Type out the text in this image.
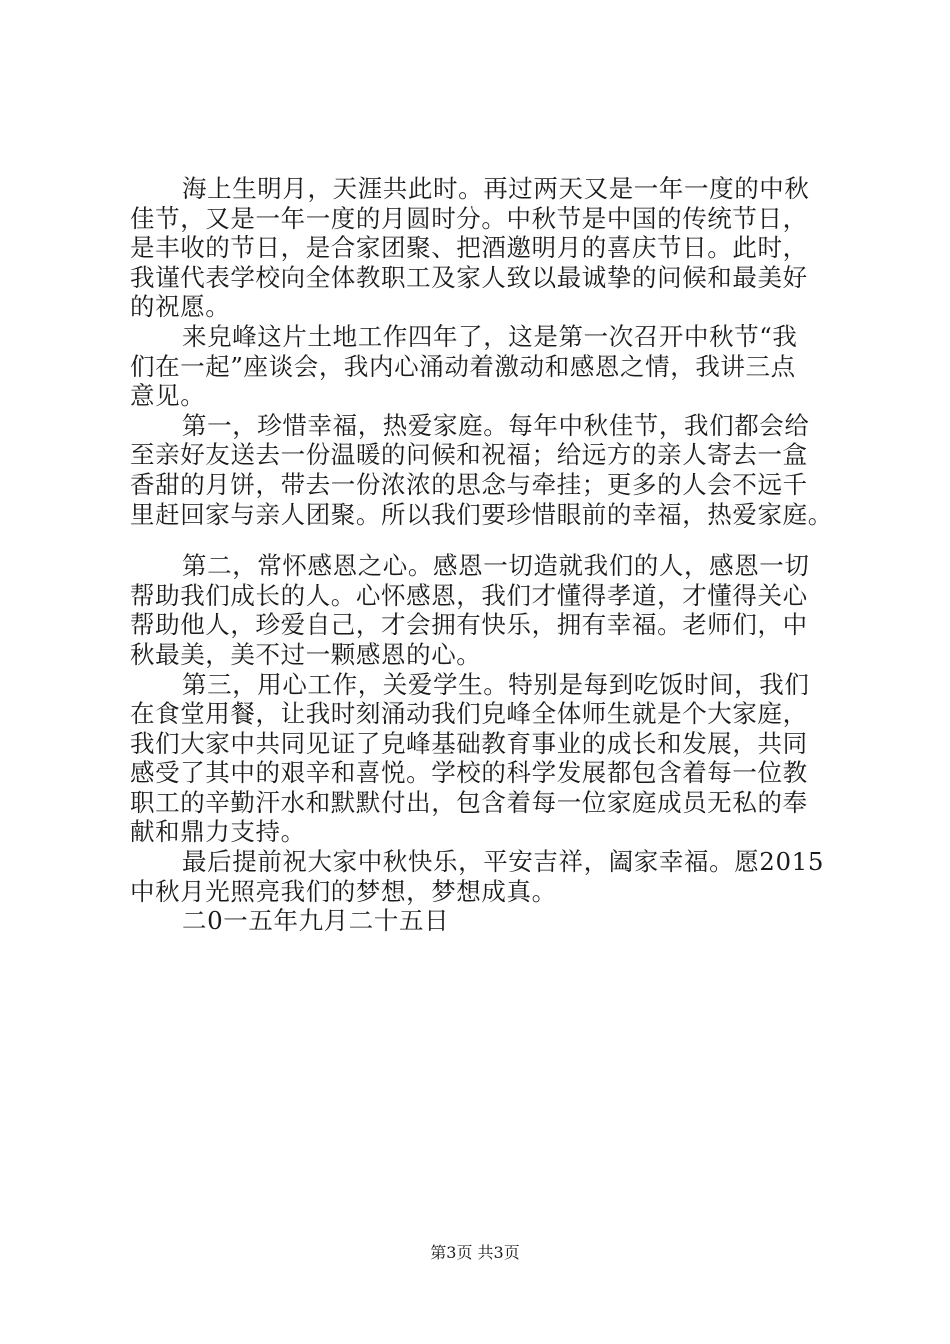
海上生明月，天涯共此时。再过两天又是一年一度的中秋
佳节，又是一年一度的月圆时分。中秋节是中国的传统节日，
是丰收的节日，是合家团聚、把酒邀明月的喜庆节日。此时，
我谨代表学校向全体教职工及家人致以最诚挚的问候和最美好
的祝愿。
来皃峰这片土地工作四年了，这是第一次召开中秋节“我
们在一起”座谈会，我内心涌动着激动和感恩之情，我讲三点
意见。
第一，珍惜幸福，热爱家庭。每年中秋佳节，我们都会给
至亲好友送去一份温暖的问候和祝福；给远方的亲人寄去一盒
香甜的月饼，带去一份浓浓的思念与牵挂；更多的人会不远千
里赶回家与亲人团聚。所以我们要珍惜眼前的幸福，热爱家庭。
第二，常怀感恩之心。感恩一切造就我们的人，感恩一切
帮助我们成长的人。心怀感恩，我们才懂得孝道，才懂得关心
帮助他人，珍爱自己，才会拥有快乐，拥有幸福。老师们，中
秋最美，美不过一颗感恩的心。
第三，用心工作，关爱学生。特别是每到吃饭时间，我们
在食堂用餐，让我时刻涌动我们皃峰全体师生就是个大家庭，
我们大家中共同见证了皃峰基础教育事业的成长和发展，共同
感受了其中的艰辛和喜悦。学校的科学发展都包含着每一位教
职工的辛勤汗水和默默付出，包含着每一位家庭成员无私的奉
献和鼎力支持。
最后提前祝大家中秋快乐，平安吉祥，阖家幸福。愿2015
中秋月光照亮我们的梦想，梦想成真。
二0一五年九月二十五日
第3页 共3页
